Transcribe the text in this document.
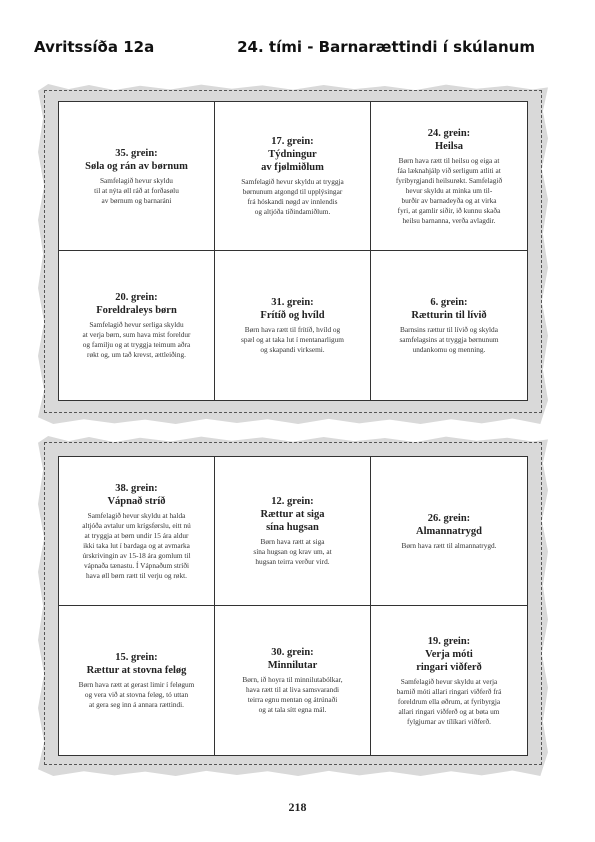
Avritssíða 12a	24. tími - Barnarættindi í skúlanum
35. grein:
Søla og rán av børnum
Samfelagið hevur skyldu
til at nýta øll ráð at forðasølu
av børnum og barnaráni
17. grein:
Týdningur
av fjølmiðlum
Samfelagið hevur skyldu at tryggja
børnunum atgongd til upplýsingar
frá hóskandi nøgd av innlendis
og altjóða tíðindamiðlum.
24. grein:
Heilsa
Børn hava rætt til heilsu og eiga at
fáa læknahjálp við serligum atliti at
fyribyrgjandi heilsurøkt. Samfelagið
hevur skyldu at minka um til-
burðir av barnadeyða og at virka
fyri, at gamlir siðir, ið kunnu skaða
heilsu barnanna, verða avlagdir.
20. grein:
Foreldraleys børn
Samfelagið hevur serliga skyldu
at verja børn, sum hava mist foreldur
og familju og at tryggja teimum aðra
røkt og, um tað krevst, ættleiðing.
31. grein:
Frítíð og hvíld
Børn hava rætt til frítíð, hvíld og
spæl og at taka lut í mentanarligum
og skapandi virksemi.
6. grein:
Rætturin til lívið
Barnsins rættur til lívið og skylda
samfelagsins at tryggja børnunum
undankomu og menning.
38. grein:
Vápnað stríð
Samfelagið hevur skyldu at halda
altjóða avtalur um krígsførslu, eitt nú
at tryggja at børn undir 15 ára aldur
ikki taka lut í bardaga og at avmarka
úrskrivingin av 15-18 ára gomlum til
vápnaða tænastu. Í Vápnaðum stríði
hava øll børn rætt til verju og røkt.
12. grein:
Rættur at siga
sína hugsan
Børn hava rætt at siga
sína hugsan og krav um, at
hugsan teirra verður vird.
26. grein:
Almannatrygd
Børn hava rætt til almannatrygd.
15. grein:
Rættur at stovna feløg
Børn hava rætt at gerast limir í feløgum
og vera við at stovna feløg, tó uttan
at gera seg inn á annara rættindi.
30. grein:
Minnilutar
Børn, ið hoyra til minnilutabólkar,
hava rætt til at liva samsvarandi
teirra egnu mentan og átrúnaði
og at tala sítt egna mál.
19. grein:
Verja móti
ringari viðferð
Samfelagið hevur skyldu at verja
barnið móti allari ringari viðferð frá
foreldrum ella øðrum, at fyribyrgja
allari ringari viðferð og at bøta um
fylgjurnar av tílíkari viðferð.
218
